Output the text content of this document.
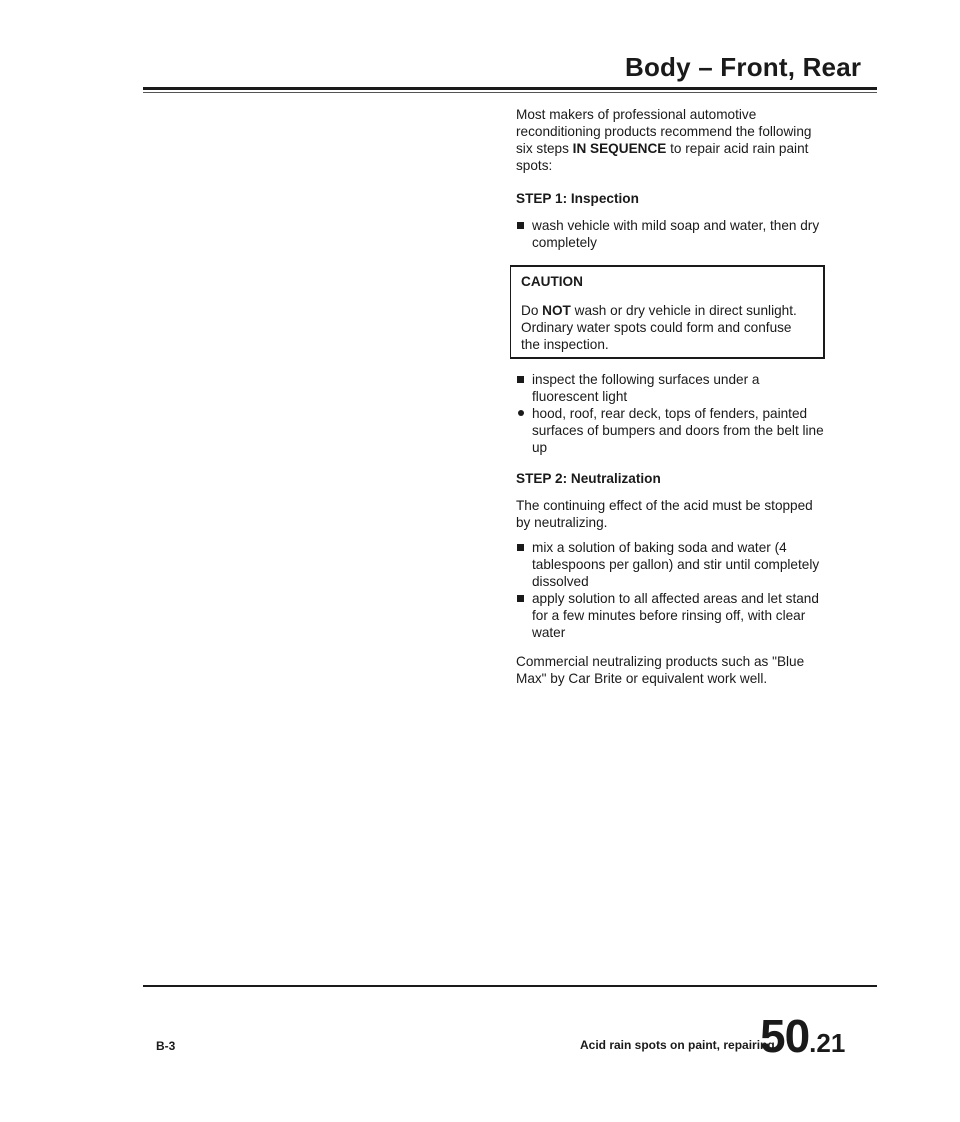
Body – Front, Rear

Most makers of professional automotive reconditioning products recommend the following six steps IN SEQUENCE to repair acid rain paint spots:

STEP 1: Inspection

wash vehicle with mild soap and water, then dry completely

CAUTION

Do NOT wash or dry vehicle in direct sunlight. Ordinary water spots could form and confuse the inspection.

inspect the following surfaces under a fluorescent light

hood, roof, rear deck, tops of fenders, painted surfaces of bumpers and doors from the belt line up

STEP 2: Neutralization

The continuing effect of the acid must be stopped by neutralizing.

mix a solution of baking soda and water (4 tablespoons per gallon) and stir until completely dissolved

apply solution to all affected areas and let stand for a few minutes before rinsing off, with clear water

Commercial neutralizing products such as "Blue Max" by Car Brite or equivalent work well.

B-3	Acid rain spots on paint, repairing
50.21
